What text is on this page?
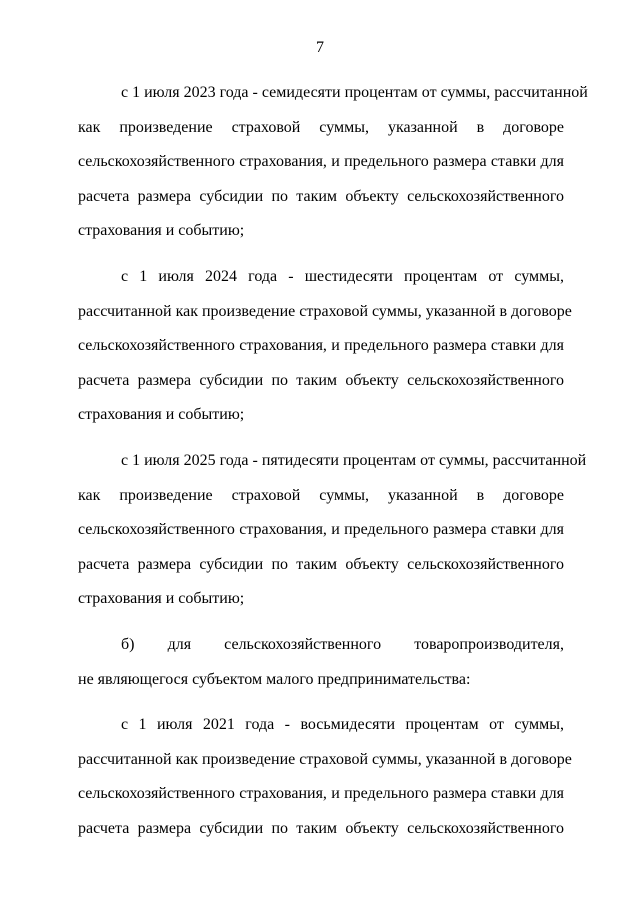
7

с 1 июля 2023 года - семидесяти процентам от суммы, рассчитанной
как произведение страховой суммы, указанной в договоре
сельскохозяйственного страхования, и предельного размера ставки для
расчета размера субсидии по таким объекту сельскохозяйственного
страхования и событию;

с 1 июля 2024 года - шестидесяти процентам от суммы,
рассчитанной как произведение страховой суммы, указанной в договоре
сельскохозяйственного страхования, и предельного размера ставки для
расчета размера субсидии по таким объекту сельскохозяйственного
страхования и событию;

с 1 июля 2025 года - пятидесяти процентам от суммы, рассчитанной
как произведение страховой суммы, указанной в договоре
сельскохозяйственного страхования, и предельного размера ставки для
расчета размера субсидии по таким объекту сельскохозяйственного
страхования и событию;

б) для сельскохозяйственного товаропроизводителя,
не являющегося субъектом малого предпринимательства:

с 1 июля 2021 года - восьмидесяти процентам от суммы,
рассчитанной как произведение страховой суммы, указанной в договоре
сельскохозяйственного страхования, и предельного размера ставки для
расчета размера субсидии по таким объекту сельскохозяйственного
